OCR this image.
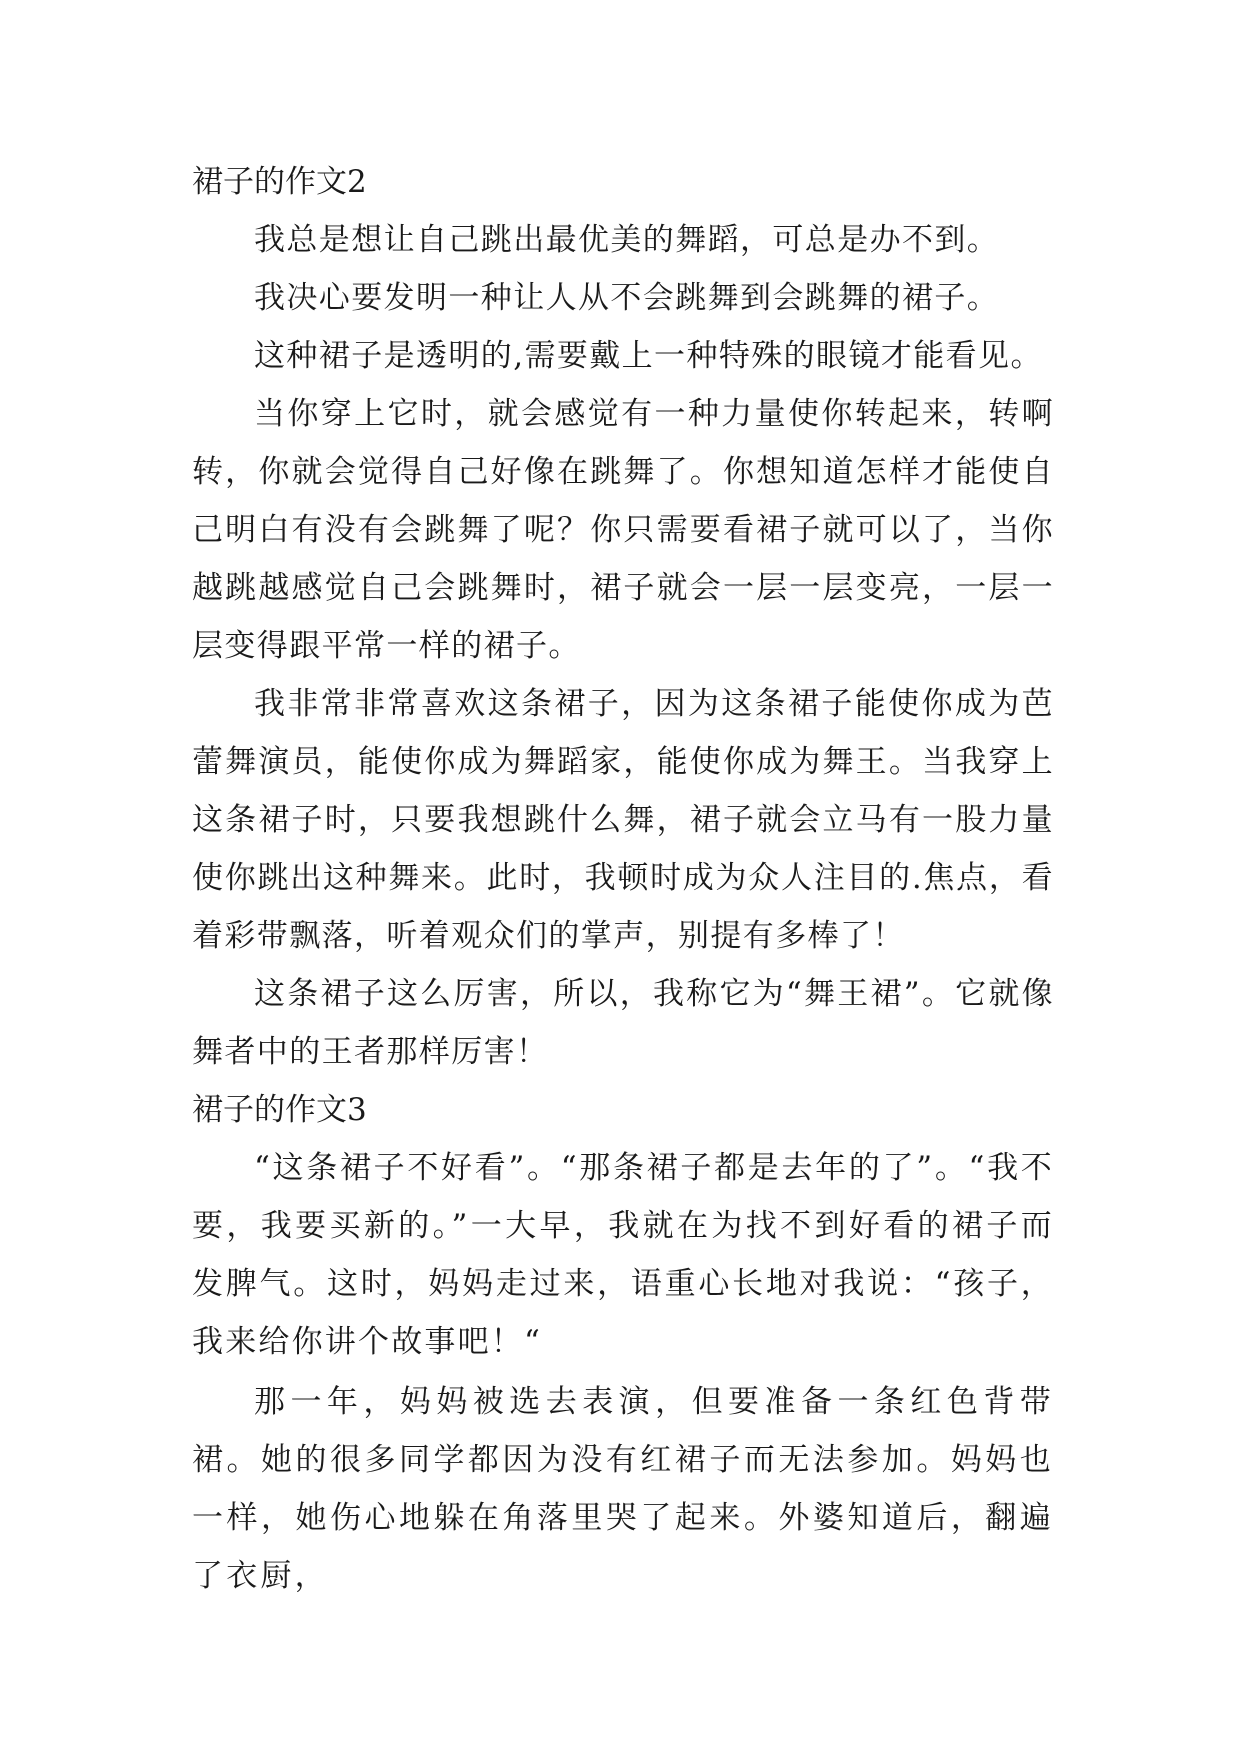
裙子的作文2

我总是想让自己跳出最优美的舞蹈，可总是办不到。

我决心要发明一种让人从不会跳舞到会跳舞的裙子。

这种裙子是透明的,需要戴上一种特殊的眼镜才能看见。

当你穿上它时，就会感觉有一种力量使你转起来，转啊转，你就会觉得自己好像在跳舞了。你想知道怎样才能使自己明白有没有会跳舞了呢？你只需要看裙子就可以了，当你越跳越感觉自己会跳舞时，裙子就会一层一层变亮，一层一层变得跟平常一样的裙子。

我非常非常喜欢这条裙子，因为这条裙子能使你成为芭蕾舞演员，能使你成为舞蹈家，能使你成为舞王。当我穿上这条裙子时，只要我想跳什么舞，裙子就会立马有一股力量使你跳出这种舞来。此时，我顿时成为众人注目的.焦点，看着彩带飘落，听着观众们的掌声，别提有多棒了！

这条裙子这么厉害，所以，我称它为“舞王裙”。它就像舞者中的王者那样厉害！

裙子的作文3

“这条裙子不好看”。“那条裙子都是去年的了”。“我不要，我要买新的。”一大早，我就在为找不到好看的裙子而发脾气。这时，妈妈走过来，语重心长地对我说：“孩子，我来给你讲个故事吧！“

那一年，妈妈被选去表演，但要准备一条红色背带裙。她的很多同学都因为没有红裙子而无法参加。妈妈也一样，她伤心地躲在角落里哭了起来。外婆知道后，翻遍了衣厨，
